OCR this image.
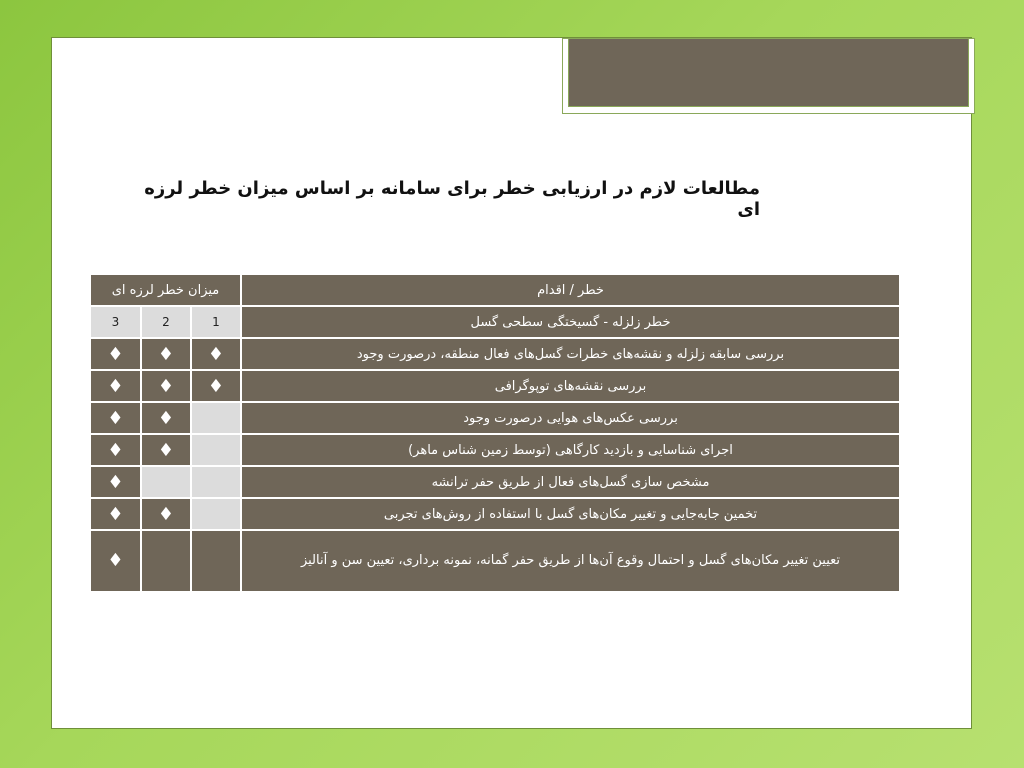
مطالعات لازم در ارزیابی خطر برای سامانه بر اساس میزان خطر لرزه ای
خطر / اقدام	میزان خطر لرزه ای		
خطر زلزله - گسیختگی سطحی گسل	1	2	3
بررسی سابقه زلزله و نقشه‌های خطرات گسل‌های فعال منطقه، درصورت وجود	♦	♦	♦
بررسی نقشه‌های توپوگرافی	♦	♦	♦
بررسی عکس‌های هوایی درصورت وجود		♦	♦
اجرای شناسایی و بازدید کارگاهی (توسط زمین شناس ماهر)		♦	♦
مشخص سازی گسل‌های فعال از طریق حفر ترانشه			♦
تخمین جابه‌جایی و تغییر مکان‌های گسل با استفاده از روش‌های تجربی		♦	♦
تعیین تغییر مکان‌های گسل و احتمال وقوع آن‌ها از طریق حفر گمانه، نمونه برداری، تعیین سن و آنالیز			♦
